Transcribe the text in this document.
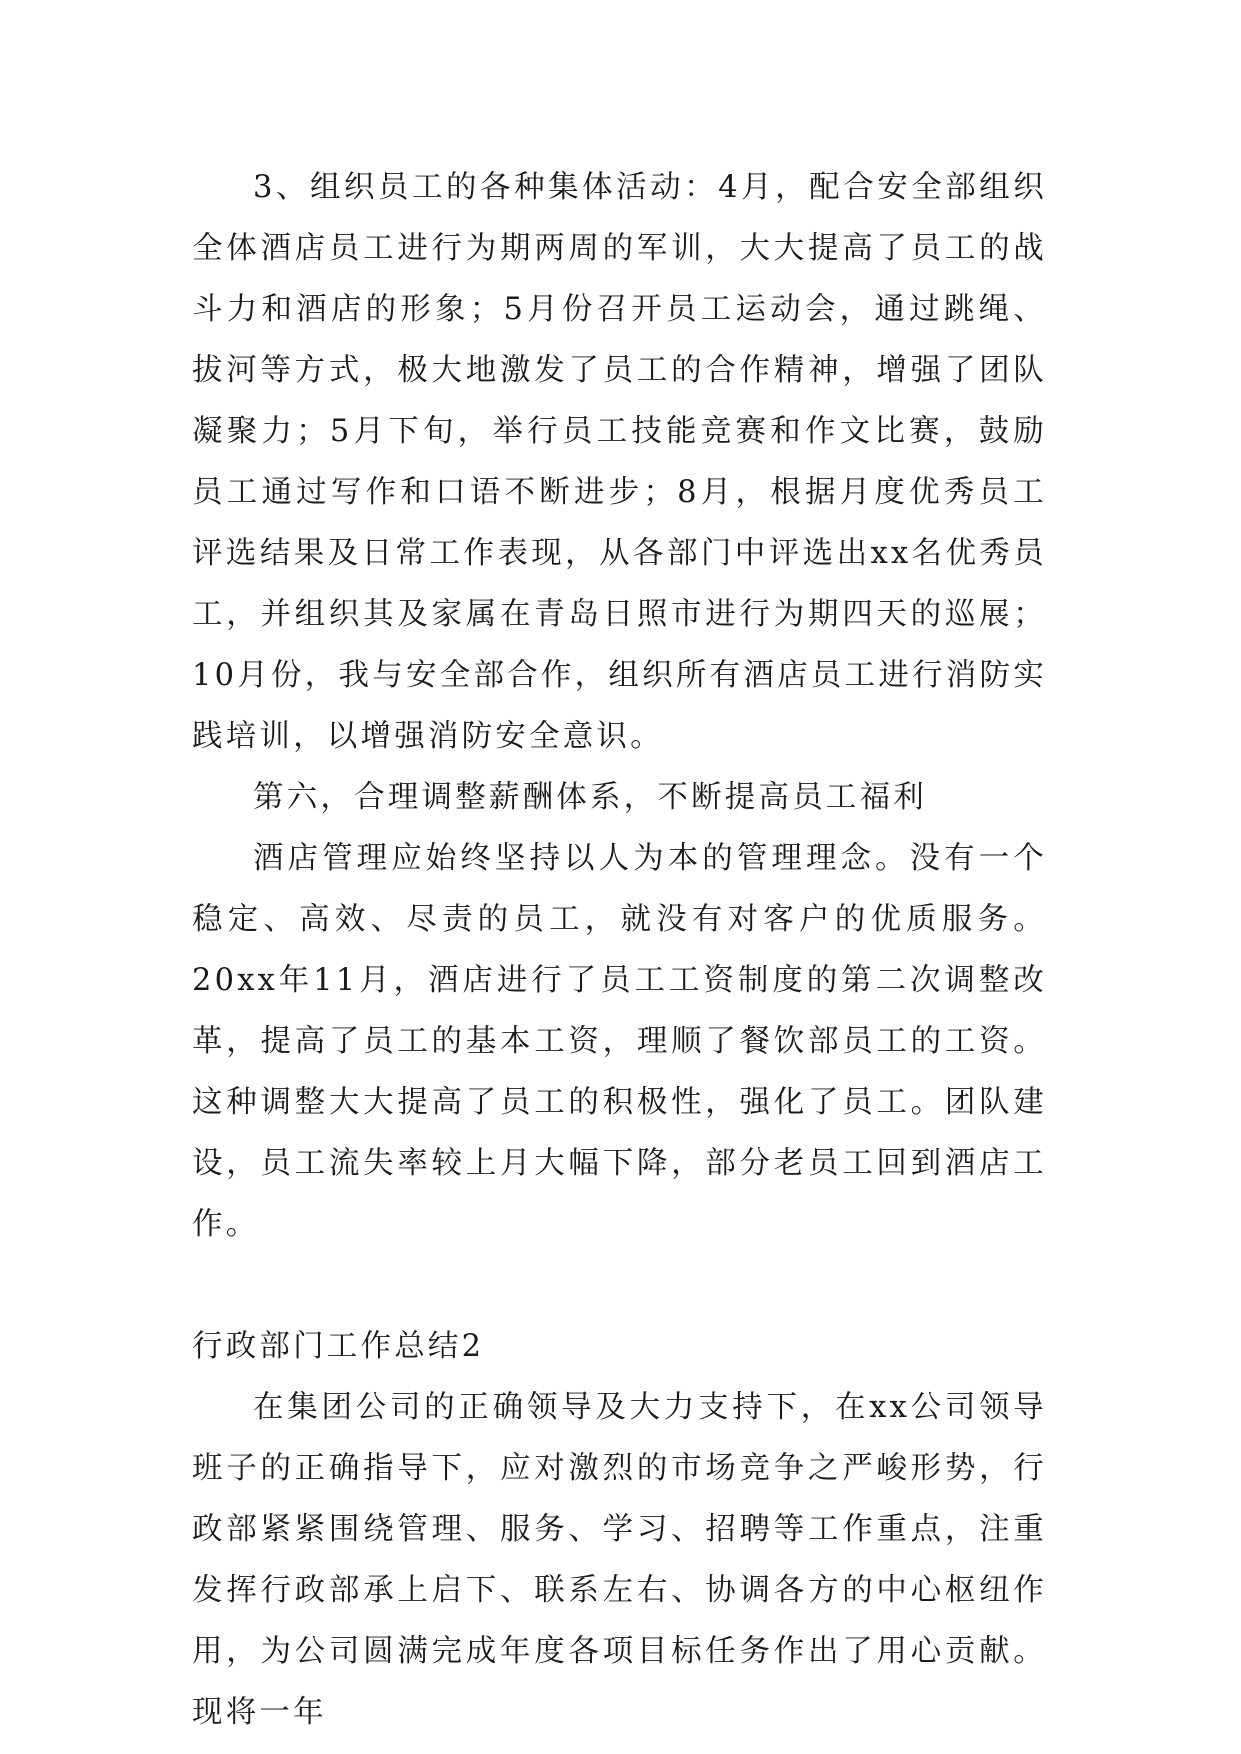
3、组织员工的各种集体活动：4月，配合安全部组织全体酒店员工进行为期两周的军训，大大提高了员工的战斗力和酒店的形象；5月份召开员工运动会，通过跳绳、拔河等方式，极大地激发了员工的合作精神，增强了团队凝聚力；5月下旬，举行员工技能竞赛和作文比赛，鼓励员工通过写作和口语不断进步；8月，根据月度优秀员工评选结果及日常工作表现，从各部门中评选出xx名优秀员工，并组织其及家属在青岛日照市进行为期四天的巡展；10月份，我与安全部合作，组织所有酒店员工进行消防实践培训，以增强消防安全意识。

第六，合理调整薪酬体系，不断提高员工福利

酒店管理应始终坚持以人为本的管理理念。没有一个稳定、高效、尽责的员工，就没有对客户的优质服务。20xx年11月，酒店进行了员工工资制度的第二次调整改革，提高了员工的基本工资，理顺了餐饮部员工的工资。这种调整大大提高了员工的积极性，强化了员工。团队建设，员工流失率较上月大幅下降，部分老员工回到酒店工作。

行政部门工作总结2

在集团公司的正确领导及大力支持下，在xx公司领导班子的正确指导下，应对激烈的市场竞争之严峻形势，行政部紧紧围绕管理、服务、学习、招聘等工作重点，注重发挥行政部承上启下、联系左右、协调各方的中心枢纽作用，为公司圆满完成年度各项目标任务作出了用心贡献。现将一年
